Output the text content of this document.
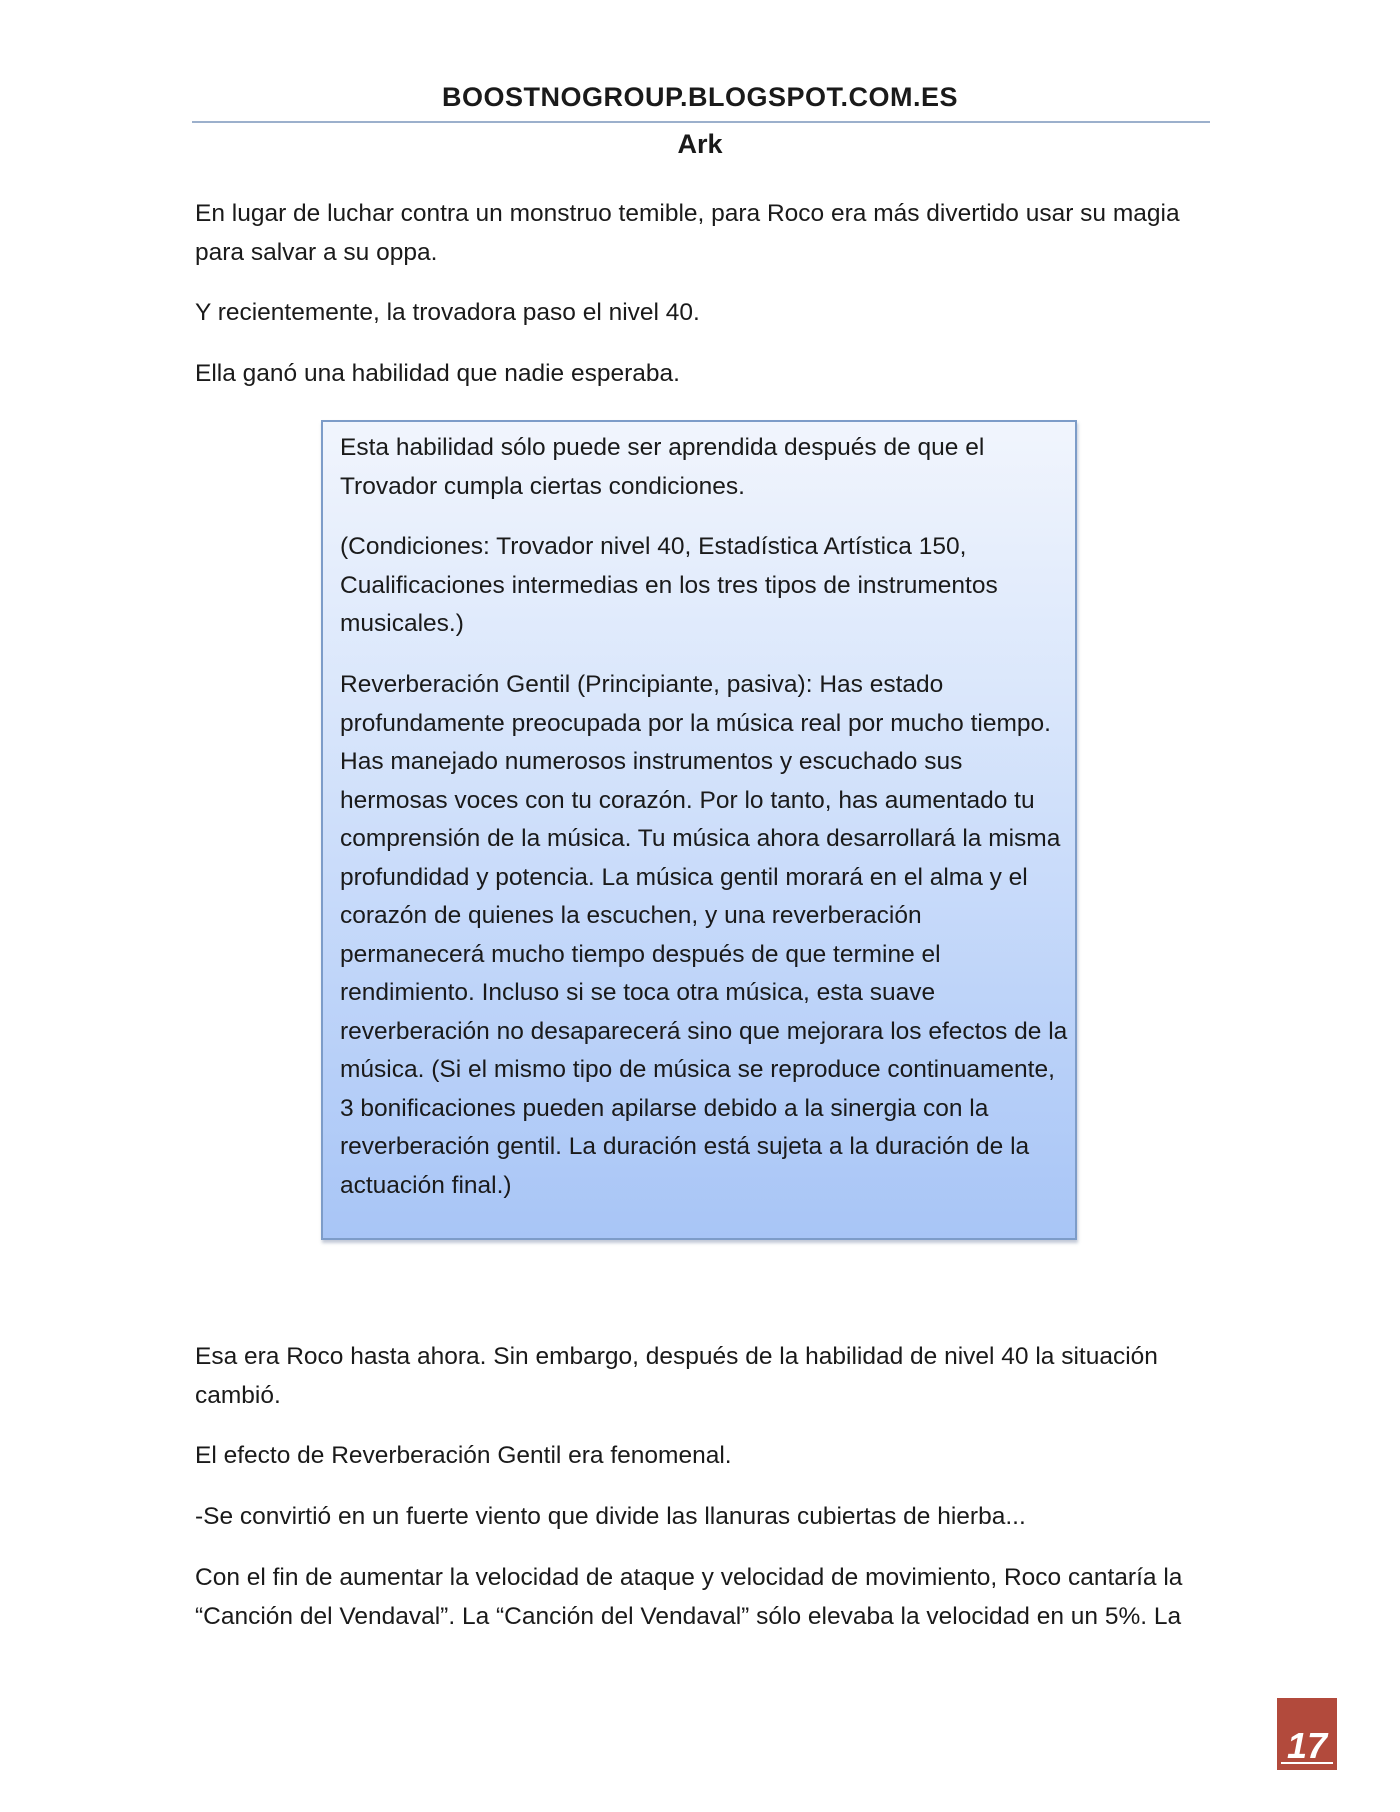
BOOSTNOGROUP.BLOGSPOT.COM.ES
Ark

En lugar de luchar contra un monstruo temible, para Roco era más divertido usar su magia para salvar a su oppa.

Y recientemente, la trovadora paso el nivel 40.

Ella ganó una habilidad que nadie esperaba.

Esta habilidad sólo puede ser aprendida después de que el Trovador cumpla ciertas condiciones.

(Condiciones: Trovador nivel 40, Estadística Artística 150, Cualificaciones intermedias en los tres tipos de instrumentos musicales.)

Reverberación Gentil (Principiante, pasiva): Has estado profundamente preocupada por la música real por mucho tiempo. Has manejado numerosos instrumentos y escuchado sus hermosas voces con tu corazón. Por lo tanto, has aumentado tu comprensión de la música. Tu música ahora desarrollará la misma profundidad y potencia. La música gentil morará en el alma y el corazón de quienes la escuchen, y una reverberación permanecerá mucho tiempo después de que termine el rendimiento. Incluso si se toca otra música, esta suave reverberación no desaparecerá sino que mejorara los efectos de la música. (Si el mismo tipo de música se reproduce continuamente, 3 bonificaciones pueden apilarse debido a la sinergia con la reverberación gentil. La duración está sujeta a la duración de la actuación final.)

Esa era Roco hasta ahora. Sin embargo, después de la habilidad de nivel 40 la situación cambió.

El efecto de Reverberación Gentil era fenomenal.

-Se convirtió en un fuerte viento que divide las llanuras cubiertas de hierba...

Con el fin de aumentar la velocidad de ataque y velocidad de movimiento, Roco cantaría la “Canción del Vendaval”. La “Canción del Vendaval” sólo elevaba la velocidad en un 5%. La

17
